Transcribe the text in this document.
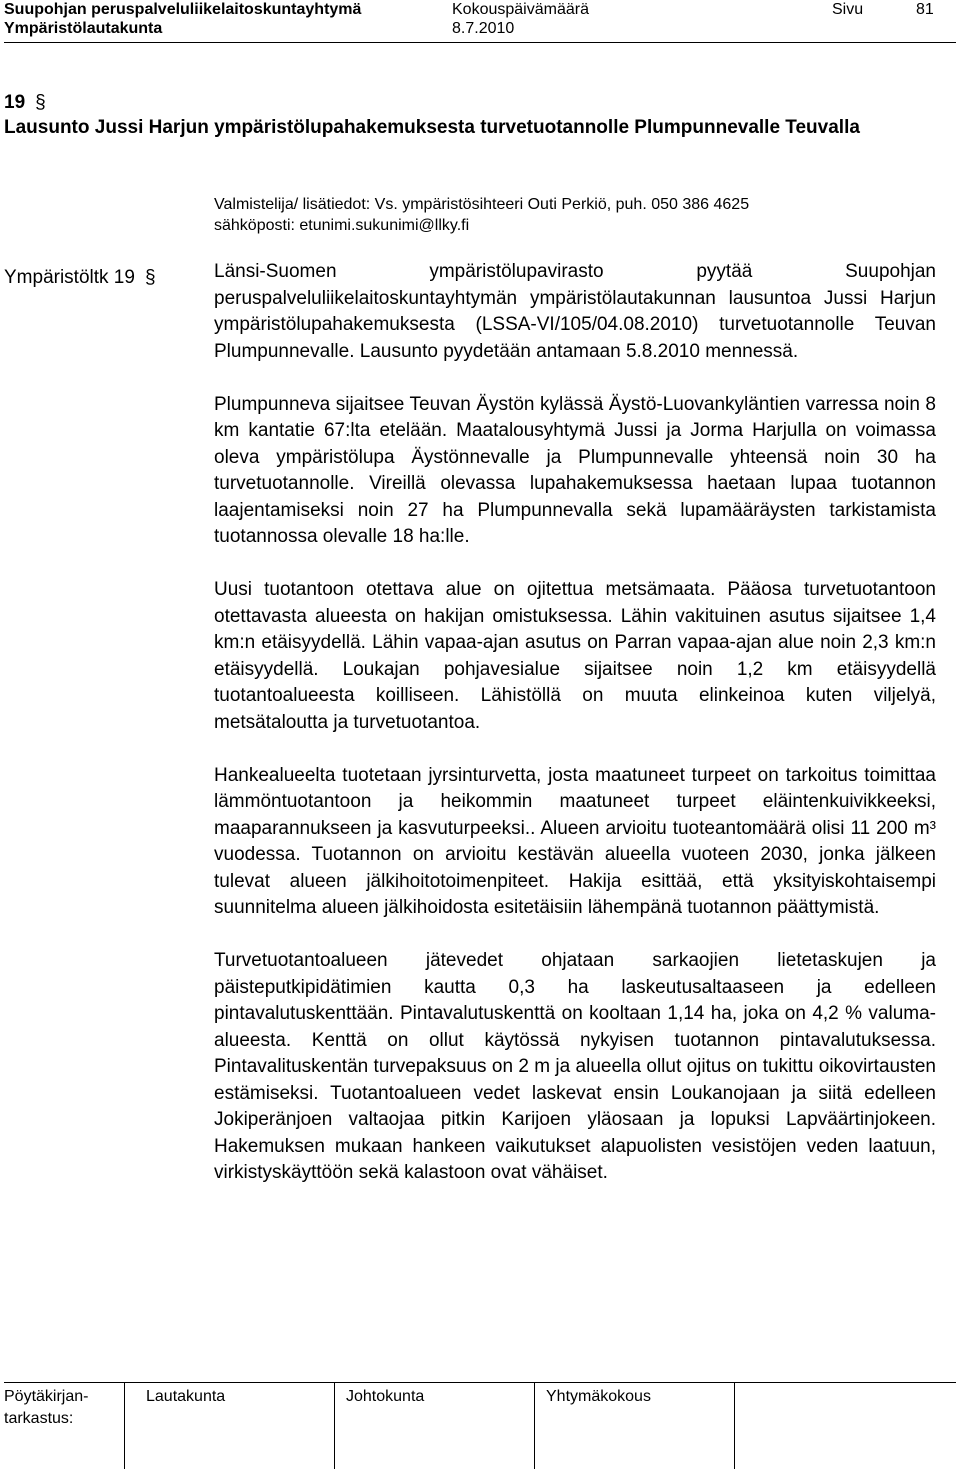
Suupohjan peruspalveluliikelaitoskuntayhtymä	Kokouspäivämäärä	Sivu	81
Ympäristölautakunta	8.7.2010
19 §
Lausunto Jussi Harjun ympäristölupahakemuksesta turvetuotannolle Plumpunnevalle Teuvalla
Valmistelija/ lisätiedot: Vs. ympäristösihteeri Outi Perkiö, puh. 050 386 4625
sähköposti: etunimi.sukunimi@llky.fi
Ympäristöltk 19 §	Länsi-Suomen ympäristölupavirasto pyytää Suupohjan peruspalveluliikelaitoskuntayhtymän ympäristölautakunnan lausuntoa Jussi Harjun ympäristölupahakemuksesta (LSSA-VI/105/04.08.2010) turvetuotannolle Teuvan Plumpunnevalle. Lausunto pyydetään antamaan 5.8.2010 mennessä.

Plumpunneva sijaitsee Teuvan Äystön kylässä Äystö-Luovankyläntien varressa noin 8 km kantatie 67:lta etelään. Maatalousyhtymä Jussi ja Jorma Harjulla on voimassa oleva ympäristölupa Äystönnevalle ja Plumpunnevalle yhteensä noin 30 ha turvetuotannolle. Vireillä olevassa lupahakemuksessa haetaan lupaa tuotannon laajentamiseksi noin 27 ha Plumpunnevalla sekä lupamääräysten tarkistamista tuotannossa olevalle 18 ha:lle.

Uusi tuotantoon otettava alue on ojitettua metsämaata. Pääosa turvetuotantoon otettavasta alueesta on hakijan omistuksessa. Lähin vakituinen asutus sijaitsee 1,4 km:n etäisyydellä. Lähin vapaa-ajan asutus on Parran vapaa-ajan alue noin 2,3 km:n etäisyydellä. Loukajan pohjavesialue sijaitsee noin 1,2 km etäisyydellä tuotantoalueesta koilliseen. Lähistöllä on muuta elinkeinoa kuten viljelyä, metsätaloutta ja turvetuotantoa.

Hankealueelta tuotetaan jyrsinturvetta, josta maatuneet turpeet on tarkoitus toimittaa lämmöntuotantoon ja heikommin maatuneet turpeet eläintenkuivikkeeksi, maaparannukseen ja kasvuturpeeksi.. Alueen arvioitu tuoteantomäärä olisi 11 200 m³ vuodessa. Tuotannon on arvioitu kestävän alueella vuoteen 2030, jonka jälkeen tulevat alueen jälkihoitotoimenpiteet. Hakija esittää, että yksityiskohtaisempi suunnitelma alueen jälkihoidosta esitetäisiin lähempänä tuotannon päättymistä.

Turvetuotantoalueen jätevedet ohjataan sarkaojien lietetaskujen ja päisteputkipidätimien kautta 0,3 ha laskeutusaltaaseen ja edelleen pintavalutuskenttään. Pintavalutuskenttä on kooltaan 1,14 ha, joka on 4,2 % valuma-alueesta. Kenttä on ollut käytössä nykyisen tuotannon pintavalutuksessa. Pintavalituskentän turvepaksuus on 2 m ja alueella ollut ojitus on tukittu oikovirtausten estämiseksi. Tuotantoalueen vedet laskevat ensin Loukanojaan ja siitä edelleen Jokiperänjoen valtaojaa pitkin Karijoen yläosaan ja lopuksi Lapväärtinjokeen. Hakemuksen mukaan hankeen vaikutukset alapuolisten vesistöjen veden laatuun, virkistyskäyttöön sekä kalastoon ovat vähäiset.

Pöytäkirjan-
tarkastus:
Lautakunta	Johtokunta	Yhtymäkokous
